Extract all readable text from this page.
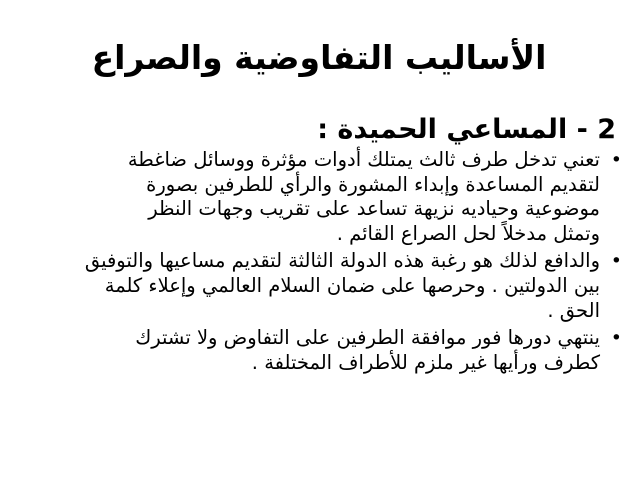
الأساليب التفاوضية والصراع
2 - المساعي الحميدة :
•
تعني تدخل طرف ثالث يمتلك أدوات مؤثرة ووسائل ضاغطة
لتقديم المساعدة وإبداء المشورة والرأي للطرفين بصورة
موضوعية وحياديه نزيهة تساعد على تقريب وجهات النظر
وتمثل مدخلاً لحل الصراع القائم .
•
والدافع لذلك هو رغبة هذه الدولة الثالثة لتقديم مساعيها والتوفيق
بين الدولتين . وحرصها على ضمان السلام العالمي وإعلاء كلمة
الحق .
•
ينتهي دورها فور موافقة الطرفين على التفاوض ولا تشترك
كطرف ورأيها غير ملزم للأطراف المختلفة .
